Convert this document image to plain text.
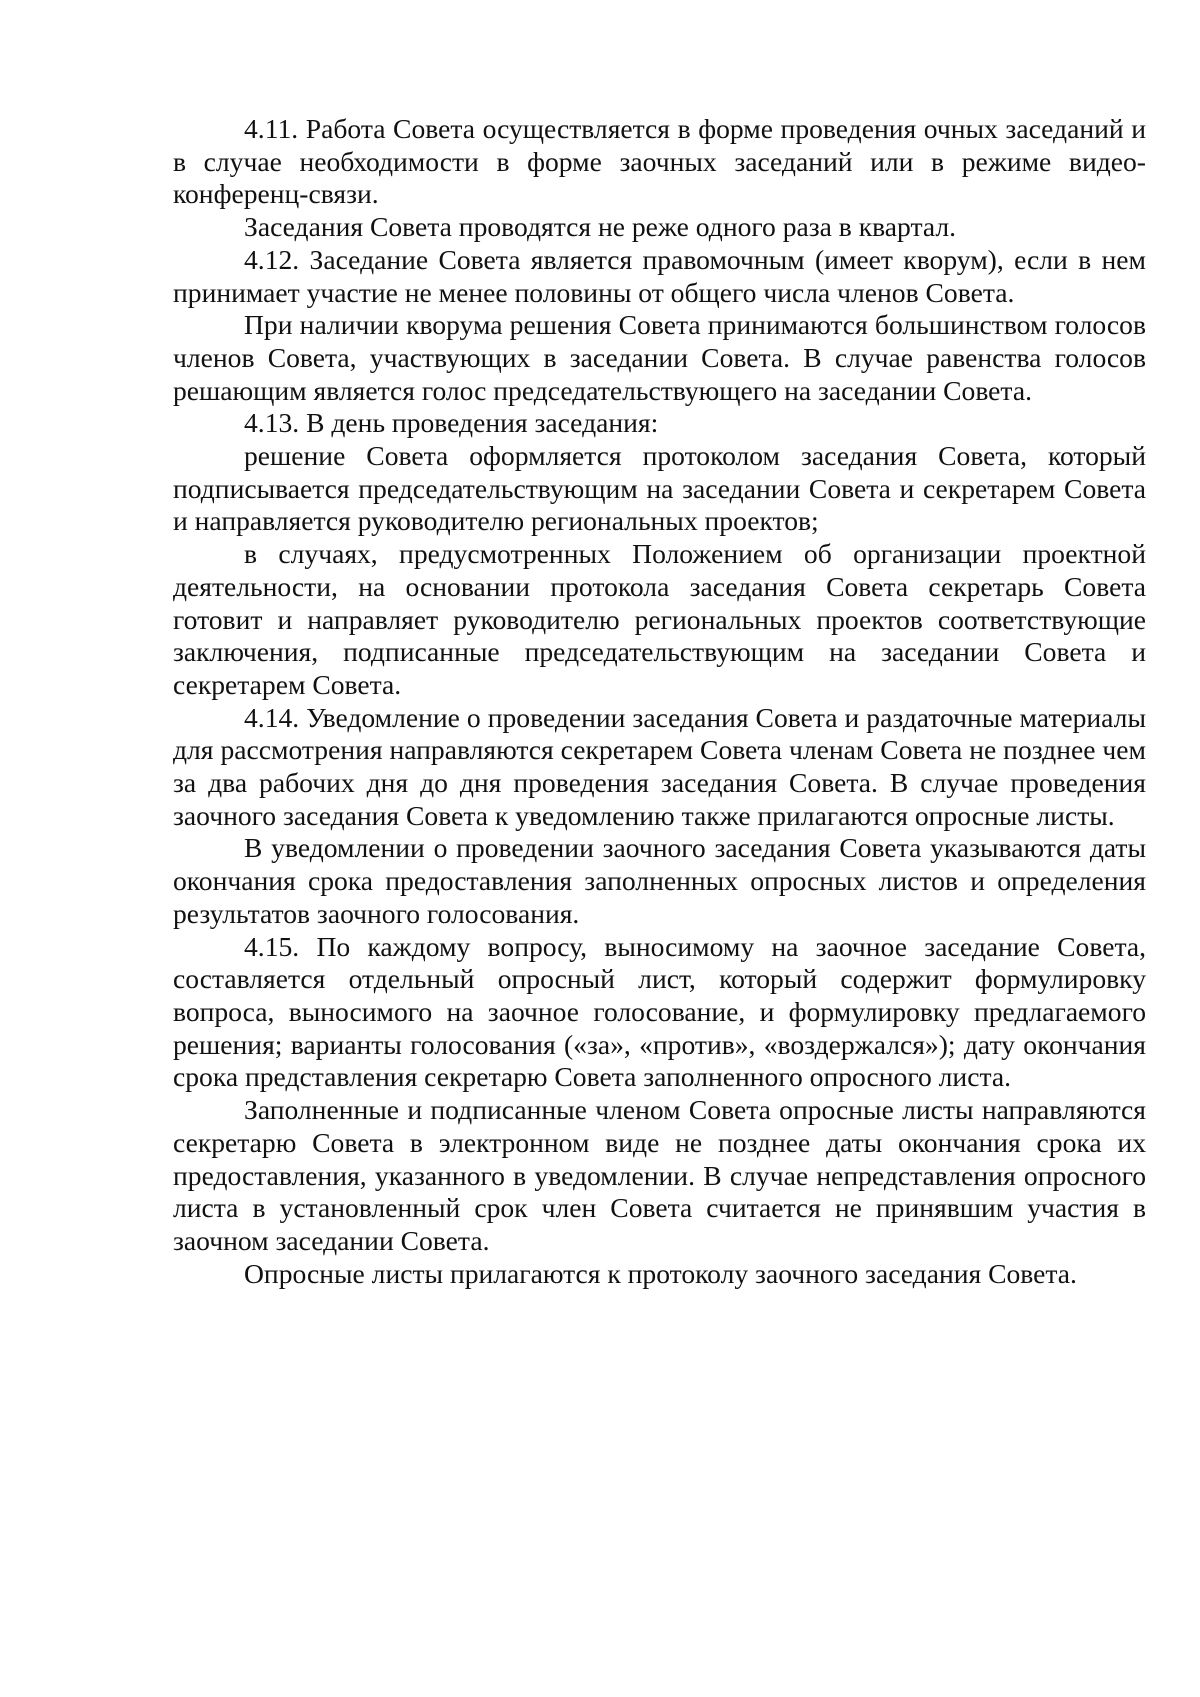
4.11. Работа Совета осуществляется в форме проведения очных заседаний и в случае необходимости в форме заочных заседаний или в режиме видео-конференц-связи.

Заседания Совета проводятся не реже одного раза в квартал.

4.12. Заседание Совета является правомочным (имеет кворум), если в нем принимает участие не менее половины от общего числа членов Совета.

При наличии кворума решения Совета принимаются большинством голосов членов Совета, участвующих в заседании Совета. В случае равенства голосов решающим является голос председательствующего на заседании Совета.

4.13. В день проведения заседания:

решение Совета оформляется протоколом заседания Совета, который подписывается председательствующим на заседании Совета и секретарем Совета и направляется руководителю региональных проектов;

в случаях, предусмотренных Положением об организации проектной деятельности, на основании протокола заседания Совета секретарь Совета готовит и направляет руководителю региональных проектов соответствующие заключения, подписанные председательствующим на заседании Совета и секретарем Совета.

4.14. Уведомление о проведении заседания Совета и раздаточные материалы для рассмотрения направляются секретарем Совета членам Совета не позднее чем за два рабочих дня до дня проведения заседания Совета. В случае проведения заочного заседания Совета к уведомлению также прилагаются опросные листы.

В уведомлении о проведении заочного заседания Совета указываются даты окончания срока предоставления заполненных опросных листов и определения результатов заочного голосования.

4.15. По каждому вопросу, выносимому на заочное заседание Совета, составляется отдельный опросный лист, который содержит формулировку вопроса, выносимого на заочное голосование, и формулировку предлагаемого решения; варианты голосования («за», «против», «воздержался»); дату окончания срока представления секретарю Совета заполненного опросного листа.

Заполненные и подписанные членом Совета опросные листы направляются секретарю Совета в электронном виде не позднее даты окончания срока их предоставления, указанного в уведомлении. В случае непредставления опросного листа в установленный срок член Совета считается не принявшим участия в заочном заседании Совета.

Опросные листы прилагаются к протоколу заочного заседания Совета.
